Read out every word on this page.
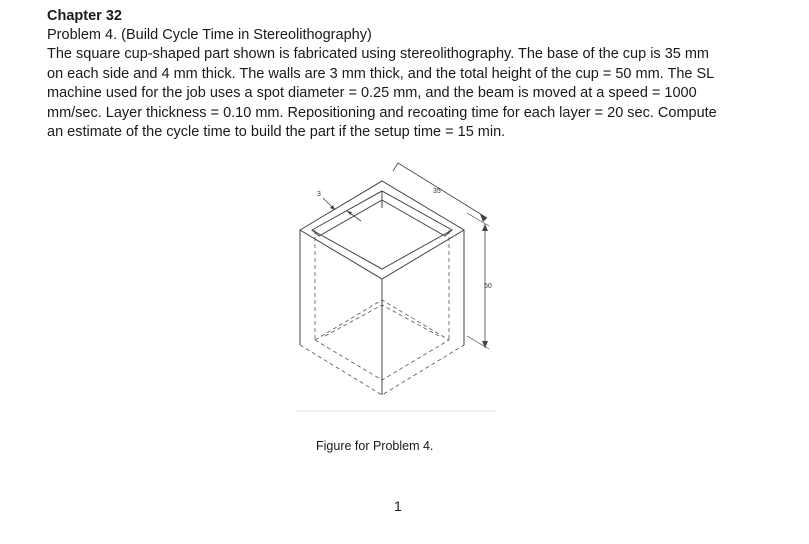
Chapter 32

Problem 4. (Build Cycle Time in Stereolithography)

The square cup-shaped part shown is fabricated using stereolithography. The base of the cup is 35 mm

on each side and 4 mm thick. The walls are 3 mm thick, and the total height of the cup = 50 mm. The SL

machine used for the job uses a spot diameter = 0.25 mm, and the beam is moved at a speed = 1000

mm/sec. Layer thickness = 0.10 mm. Repositioning and recoating time for each layer = 20 sec. Compute

an estimate of the cycle time to build the part if the setup time = 15 min.

3	35
50
Figure for Problem 4.
1
